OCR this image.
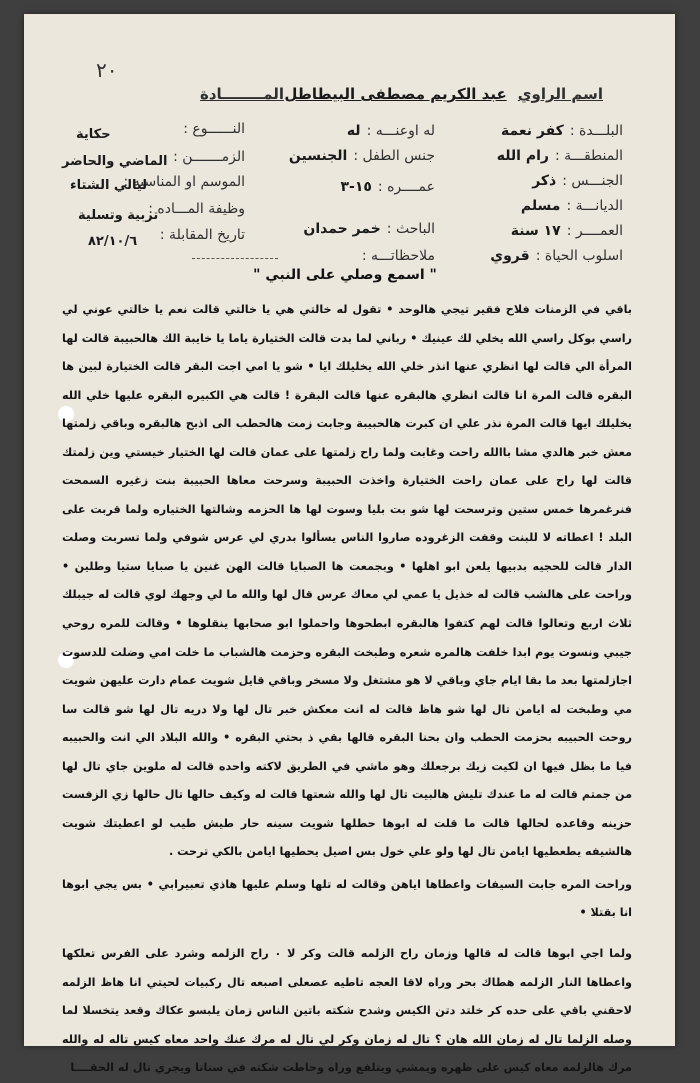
٢٠
اسم الراوي عبد الكريم مصطفى البيطاطل
المــــــــادة
البلـــدة :كفر نعمة
المنطقـــة :رام الله
الجنـــس :ذكر
الديانـــة :مسلم
العمــــر :١٧ سنة
اسلوب الحياة :قروي
له اوعنـــه :له
جنس الطفل :الجنسين
عمــــره :١٥-٣
الباحث :خمر حمدان
ملاحظاتـــه :
النــــــوع :
حكاية
الزمـــــــن :
الماضي والحاضر
الموسم او المناسبه :
ليالي الشتاء
وظيفة المـــاده :
تربية وتسلية
تاريخ المقابلة :
٨٢/١٠/٦
" اسمع وصلي على النبي "

باقي في الزمنات فلاح فقير تيجي هالوحد • تقول له خالتي هي يا خالتي قالت نعم يا خالتي عوني لي راسي بوكل راسي الله يخلي لك عينيك • رباني لما بدت قالت الختيارة ياما يا خايبة الك هالحبيبة قالت لها المرأة الي قالت لها انظري عنها انذر خلي الله يخليلك ايا • شو يا امي اجت البقر قالت الختيارة لبين ها البقره قالت المرة انا قالت انظري هالبقره عنها قالت البقرة ! قالت هي الكبيره البقره عليها خلي الله يخليلك ايها قالت المرة نذر علي ان كبرت هالحبيبة وجابت زمت هالحطب الى اذبح هالبقره وباقي زلمتها معش خبر هالدي مشا باالله راحت وغابت ولما راح زلمتها على عمان قالت لها الختيار خيستي وين زلمتك قالت لها راح على عمان راحت الختيارة واخذت الحبيبة وسرحت معاها الحبيبة بنت زغيره السمحت فنرغمرها خمس ستين وترسحت لها شو بت بليا وسوت لها ها الحزمه وشالتها الختياره ولما قربت على البلد ! اعطاته لا للبنت وقفت الزغروده صاروا الناس يسألوا بدري لي عرس شوفي ولما تسربت وصلت الدار قالت للحجيه بدبيها يلعن ابو اهلها • وبجمعت ها الصبايا قالت الهن غنين يا صبايا ستيا وطلين • وراحت على هالشب قالت له خذيل يا عمي لي معاك عرس قال لها والله ما لي وجهك لوي قالت له جيبلك ثلاث اربع وتعالوا قالت لهم كتفوا هالبقره ابطحوها واحملوا ابو صحابها ينقلوها • وقالت للمره روحي جيبي ونسوت يوم ابدا خلفت هالمره شعره وطبخت البقره وحزمت هالشباب ما خلت امي وضلت للدسوت اجازلمتها بعد ما بقا ايام جاي وباقي لا هو مشتغل ولا مسخر وباقي قايل شويت عمام دارت عليهن شويت مي وطبخت له ايامن تال لها شو هاظ قالت له انت معكش خبر تال لها ولا دريه تال لها شو قالت سا روحت الحبيبه بحزمت الحطب وان بحنا البقره قالها بقي ذ بحتي البقره • والله البلاد الي انت والحبيبه فيا ما بظل فيها ان لكيت زيك برجعلك وهو ماشي في الطريق لاكته واحده قالت له ملوين جاي تال لها من جمتم قالت له ما عندك تليش هالبيت تال لها والله شعتها قالت له وكيف حالها تال حالها زي الزفست حزينه وقاعده لحالها قالت ما قلت له ابوها حطلها شويت سينه حار طيش طيب لو اعطيتك شويت هالشيفه يطعطيها ايامن تال لها ولو علي خول بس اصيل يحطيها ايامن بالكي ترحت .

وراحت المره جابت السيفات واعطاها اياهن وقالت له تلها وسلم عليها هاذي تعبيرابي • بس يجي ابوها انا بقتلا •

ولما اجي ابوها قالت له قالها وزمان راح الزلمه قالت وكر لا ٠ راح الزلمه وشرد على الفرس تعلكها واعطاها النار الزلمه هطاك بحر وراه لاقا العجه تاطيه عصعلى اصبعه تال ركبيات لحيتي انا هاظ الزلمه لاحقني باقي على حده كر خلتد دتن الكيس وشدح شكته باتين الناس زمان يلبسو عكاك وقعد يتخسلا لما وصله الزلما تال له زمان الله هان ؟ تال له زمان وكر لي تال له مرك عنك واحد معاه كيس تاله له والله مرك هالزلمه معاه كيس على ظهره ويمشي ويتلفع وراه وحاطت شكته في سناتا ويجري تال له الحقــــا
